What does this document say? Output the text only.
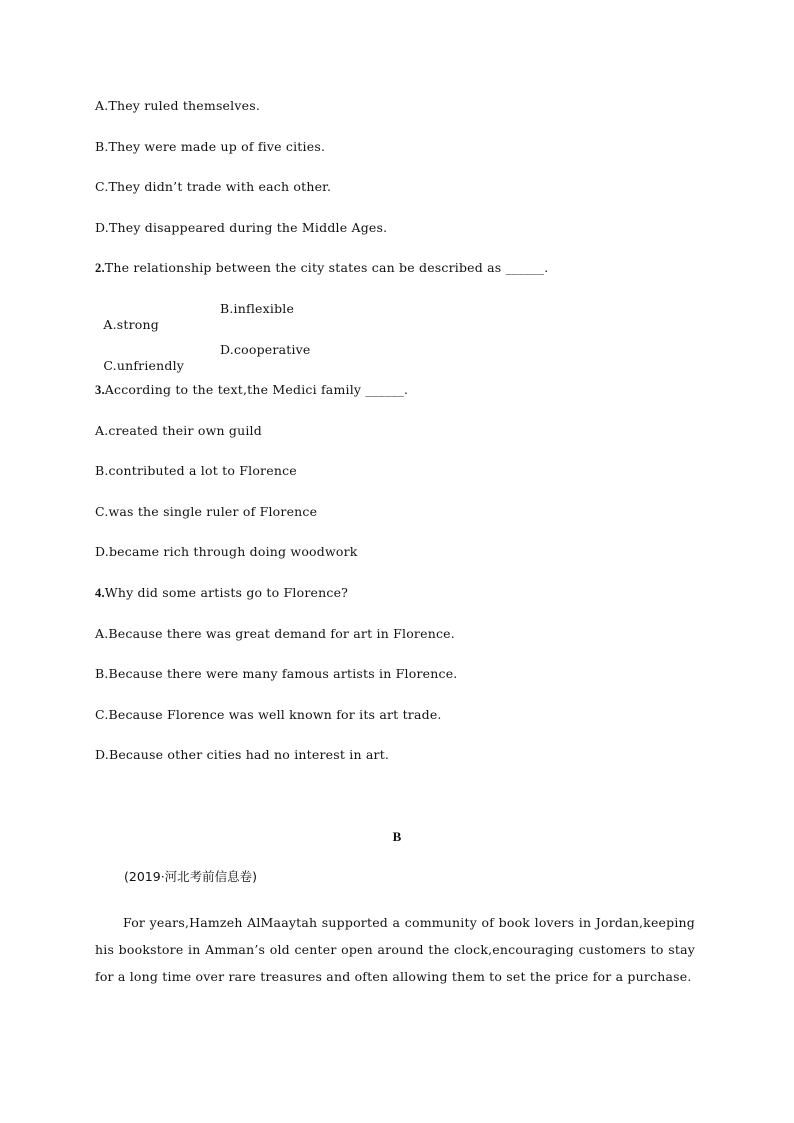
A.They ruled themselves.
B.They were made up of five cities.
C.They didn’t trade with each other.
D.They disappeared during the Middle Ages.
2.The relationship between the city states can be described as ______.

A.strong

B.inflexible

C.unfriendly

D.cooperative

3.According to the text,the Medici family ______.
A.created their own guild
B.contributed a lot to Florence
C.was the single ruler of Florence
D.became rich through doing woodwork
4.Why did some artists go to Florence?
A.Because there was great demand for art in Florence.
B.Because there were many famous artists in Florence.
C.Because Florence was well known for its art trade.
D.Because other cities had no interest in art.
B
(2019·河北考前信息卷)

For years,Hamzeh AlMaaytah supported a community of book lovers in Jordan,keeping his bookstore in Amman’s old center open around the clock,encouraging customers to stay for a long time over rare treasures and often allowing them to set the price for a purchase.
